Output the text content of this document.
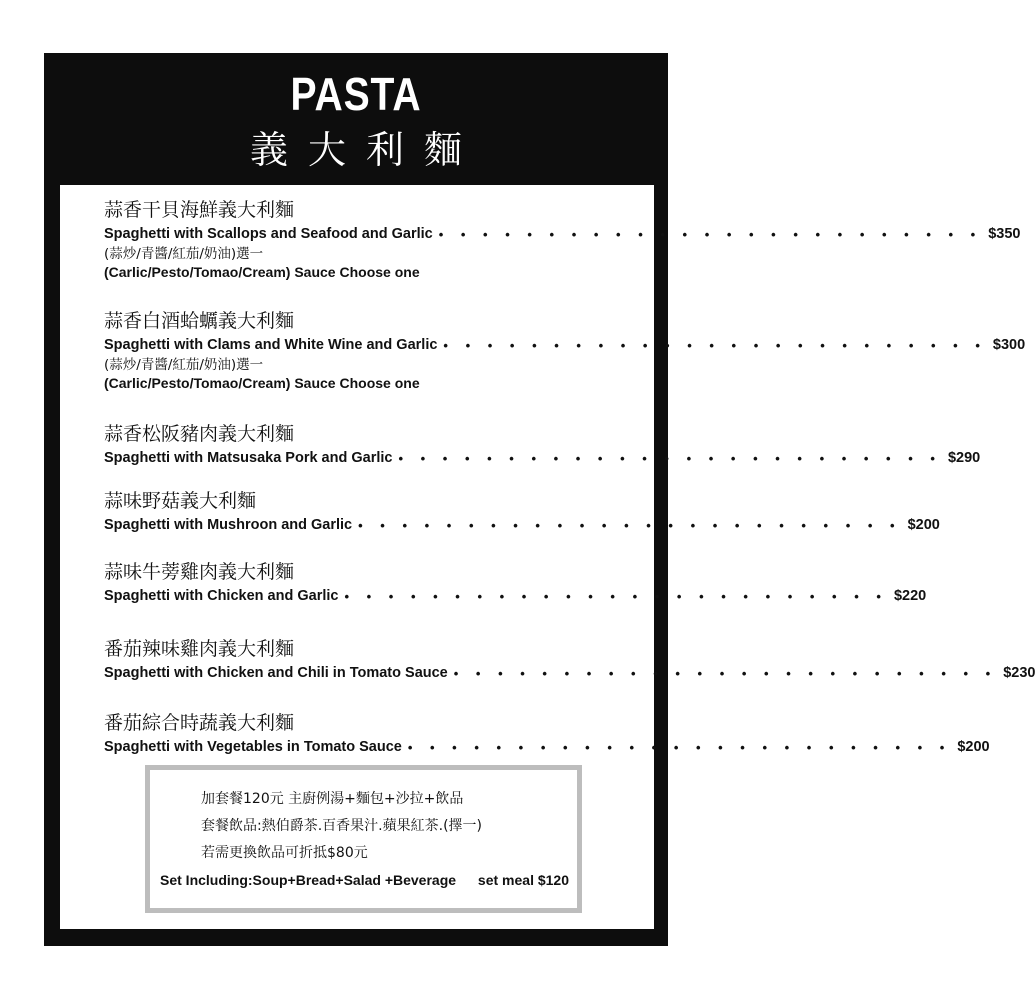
PASTA
義大利麵
蒜香干貝海鮮義大利麵
Spaghetti with Scallops and Seafood and Garlic • • • • • • • • • • • • • • • • • • • • • • • • • $350
(蒜炒/青醬/紅茄/奶油)選一
(Carlic/Pesto/Tomao/Cream) Sauce Choose one
蒜香白酒蛤蠣義大利麵
Spaghetti with Clams and White Wine and Garlic • • • • • • • • • • • • • • • • • • • • • • • • • $300
(蒜炒/青醬/紅茄/奶油)選一
(Carlic/Pesto/Tomao/Cream) Sauce Choose one
蒜香松阪豬肉義大利麵
Spaghetti with Matsusaka Pork and Garlic • • • • • • • • • • • • • • • • • • • • • • • • • $290
蒜味野菇義大利麵
Spaghetti with Mushroon and Garlic • • • • • • • • • • • • • • • • • • • • • • • • • $200
蒜味牛蒡雞肉義大利麵
Spaghetti with Chicken and Garlic • • • • • • • • • • • • • • • • • • • • • • • • • $220
番茄辣味雞肉義大利麵
Spaghetti with Chicken and Chili in Tomato Sauce • • • • • • • • • • • • • • • • • • • • • • • • • $230
番茄綜合時蔬義大利麵
Spaghetti with Vegetables in Tomato Sauce • • • • • • • • • • • • • • • • • • • • • • • • • $200
加套餐120元 主廚例湯+麵包+沙拉+飲品
套餐飲品:熱伯爵茶.百香果汁.蘋果紅茶.(擇一)
若需更換飲品可折抵$80元
Set Including:Soup+Bread+Salad +Beverage set meal $120
